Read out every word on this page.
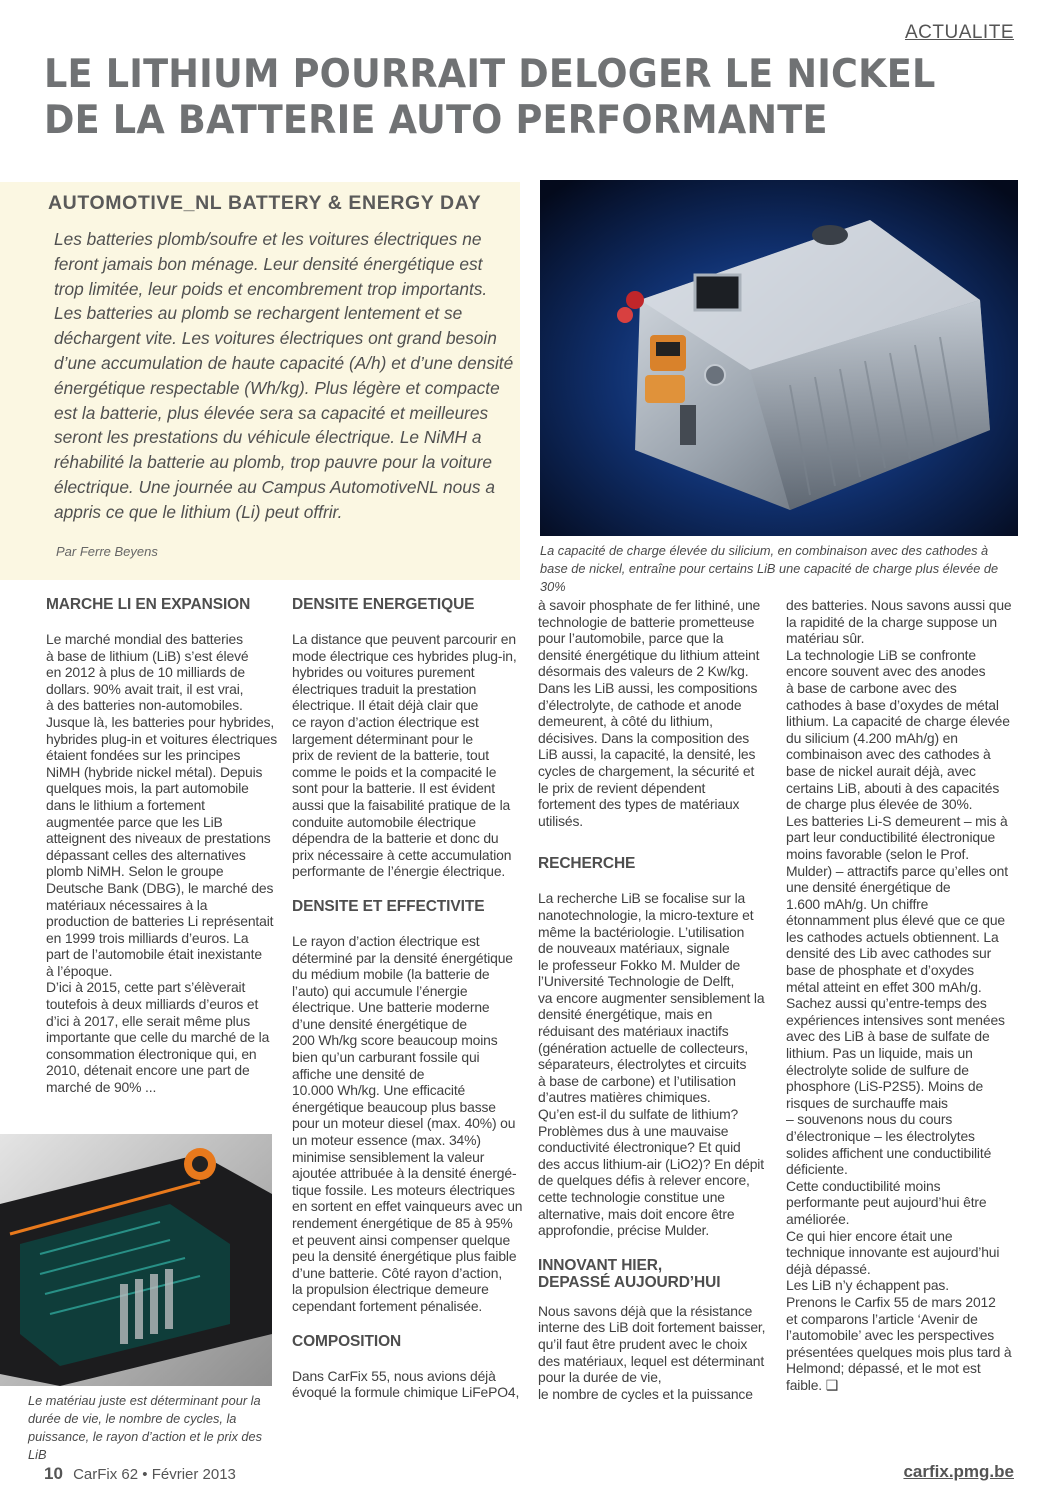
ACTUALITE
LE LITHIUM POURRAIT DELOGER LE NICKEL
DE LA BATTERIE AUTO PERFORMANTE
AUTOMOTIVE_NL BATTERY & ENERGY DAY

Les batteries plomb/soufre et les voitures électriques ne feront jamais bon ménage. Leur densité énergétique est trop limitée, leur poids et encombrement trop importants. Les batteries au plomb se rechargent lentement et se déchargent vite. Les voitures électriques ont grand besoin d’une accumulation de haute capacité (A/h) et d’une densité énergétique respectable (Wh/kg). Plus légère et compacte est la batterie, plus élevée sera sa capacité et meilleures seront les prestations du véhicule électrique. Le NiMH a réhabilité la batterie au plomb, trop pauvre pour la voiture électrique. Une journée au Campus AutomotiveNL nous a appris ce que le lithium (Li) peut offrir.

Par Ferre Beyens	La capacité de charge élevée du silicium, en combinaison avec des cathodes à base de nickel, entraîne pour certains LiB une capacité de charge plus élevée de 30%
MARCHE LI EN EXPANSION

Le marché mondial des batteries
à base de lithium (LiB) s’est élevé
en 2012 à plus de 10 milliards de
dollars. 90% avait trait, il est vrai,
à des batteries non-automobiles.
Jusque là, les batteries pour hybrides,
hybrides plug-in et voitures électriques
étaient fondées sur les principes
NiMH (hybride nickel métal). Depuis
quelques mois, la part automobile
dans le lithium a fortement
augmentée parce que les LiB
atteignent des niveaux de prestations
dépassant celles des alternatives
plomb NiMH. Selon le groupe
Deutsche Bank (DBG), le marché des
matériaux nécessaires à la
production de batteries Li représentait
en 1999 trois milliards d’euros. La
part de l’automobile était inexistante
à l’époque.
D’ici à 2015, cette part s’élèverait
toutefois à deux milliards d’euros et
d’ici à 2017, elle serait même plus
importante que celle du marché de la
consommation électronique qui, en
2010, détenait encore une part de
marché de 90% ...

Le matériau juste est déterminant pour la durée de vie, le nombre de cycles, la puissance, le rayon d’action et le prix des LiB
DENSITE ENERGETIQUE

La distance que peuvent parcourir en
mode électrique ces hybrides plug-in,
hybrides ou voitures purement
électriques traduit la prestation
électrique. Il était déjà clair que
ce rayon d’action électrique est
largement déterminant pour le
prix de revient de la batterie, tout
comme le poids et la compacité le
sont pour la batterie. Il est évident
aussi que la faisabilité pratique de la
conduite automobile électrique
dépendra de la batterie et donc du
prix nécessaire à cette accumulation
performante de l’énergie électrique.

DENSITE ET EFFECTIVITE

Le rayon d’action électrique est
déterminé par la densité énergétique
du médium mobile (la batterie de
l’auto) qui accumule l’énergie
électrique. Une batterie moderne
d’une densité énergétique de
200 Wh/kg score beaucoup moins
bien qu’un carburant fossile qui
affiche une densité de
10.000 Wh/kg. Une efficacité
énergétique beaucoup plus basse
pour un moteur diesel (max. 40%) ou
un moteur essence (max. 34%)
minimise sensiblement la valeur
ajoutée attribuée à la densité énergé-
tique fossile. Les moteurs électriques
en sortent en effet vainqueurs avec un
rendement énergétique de 85 à 95%
et peuvent ainsi compenser quelque
peu la densité énergétique plus faible
d’une batterie. Côté rayon d’action,
la propulsion électrique demeure
cependant fortement pénalisée.

COMPOSITION

Dans CarFix 55, nous avions déjà
évoqué la formule chimique LiFePO4,

à savoir phosphate de fer lithiné, une
technologie de batterie prometteuse
pour l’automobile, parce que la
densité énergétique du lithium atteint
désormais des valeurs de 2 Kw/kg.
Dans les LiB aussi, les compositions
d’électrolyte, de cathode et anode
demeurent, à côté du lithium,
décisives. Dans la composition des
LiB aussi, la capacité, la densité, les
cycles de chargement, la sécurité et
le prix de revient dépendent
fortement des types de matériaux
utilisés.

RECHERCHE

La recherche LiB se focalise sur la
nanotechnologie, la micro-texture et
même la bactériologie. L’utilisation
de nouveaux matériaux, signale
le professeur Fokko M. Mulder de
l’Université Technologie de Delft,
va encore augmenter sensiblement la
densité énergétique, mais en
réduisant des matériaux inactifs
(génération actuelle de collecteurs,
séparateurs, électrolytes et circuits
à base de carbone) et l’utilisation
d’autres matières chimiques.
Qu’en est-il du sulfate de lithium?
Problèmes dus à une mauvaise
conductivité électronique? Et quid
des accus lithium-air (LiO2)? En dépit
de quelques défis à relever encore,
cette technologie constitue une
alternative, mais doit encore être
approfondie, précise Mulder.

INNOVANT HIER,
DEPASSÉ AUJOURD’HUI

Nous savons déjà que la résistance
interne des LiB doit fortement baisser,
qu’il faut être prudent avec le choix
des matériaux, lequel est déterminant
pour la durée de vie,
le nombre de cycles et la puissance

des batteries. Nous savons aussi que
la rapidité de la charge suppose un
matériau sûr.
La technologie LiB se confronte
encore souvent avec des anodes
à base de carbone avec des
cathodes à base d’oxydes de métal
lithium. La capacité de charge élevée
du silicium (4.200 mAh/g) en
combinaison avec des cathodes à
base de nickel aurait déjà, avec
certains LiB, abouti à des capacités
de charge plus élevée de 30%.
Les batteries Li-S demeurent – mis à
part leur conductibilité électronique
moins favorable (selon le Prof.
Mulder) – attractifs parce qu’elles ont
une densité énergétique de
1.600 mAh/g. Un chiffre
étonnamment plus élevé que ce que
les cathodes actuels obtiennent. La
densité des Lib avec cathodes sur
base de phosphate et d’oxydes
métal atteint en effet 300 mAh/g.
Sachez aussi qu’entre-temps des
expériences intensives sont menées
avec des LiB à base de sulfate de
lithium. Pas un liquide, mais un
électrolyte solide de sulfure de
phosphore (LiS-P2S5). Moins de
risques de surchauffe mais
– souvenons nous du cours
d’électronique – les électrolytes
solides affichent une conductibilité
déficiente.
Cette conductibilité moins
performante peut aujourd’hui être
améliorée.
Ce qui hier encore était une
technique innovante est aujourd’hui
déjà dépassé.
Les LiB n’y échappent pas.
Prenons le Carfix 55 de mars 2012
et comparons l’article ‘Avenir de
l’automobile’ avec les perspectives
présentées quelques mois plus tard à
Helmond; dépassé, et le mot est
faible. ❑

10 CarFix 62 • Février 2013	carfix.pmg.be
